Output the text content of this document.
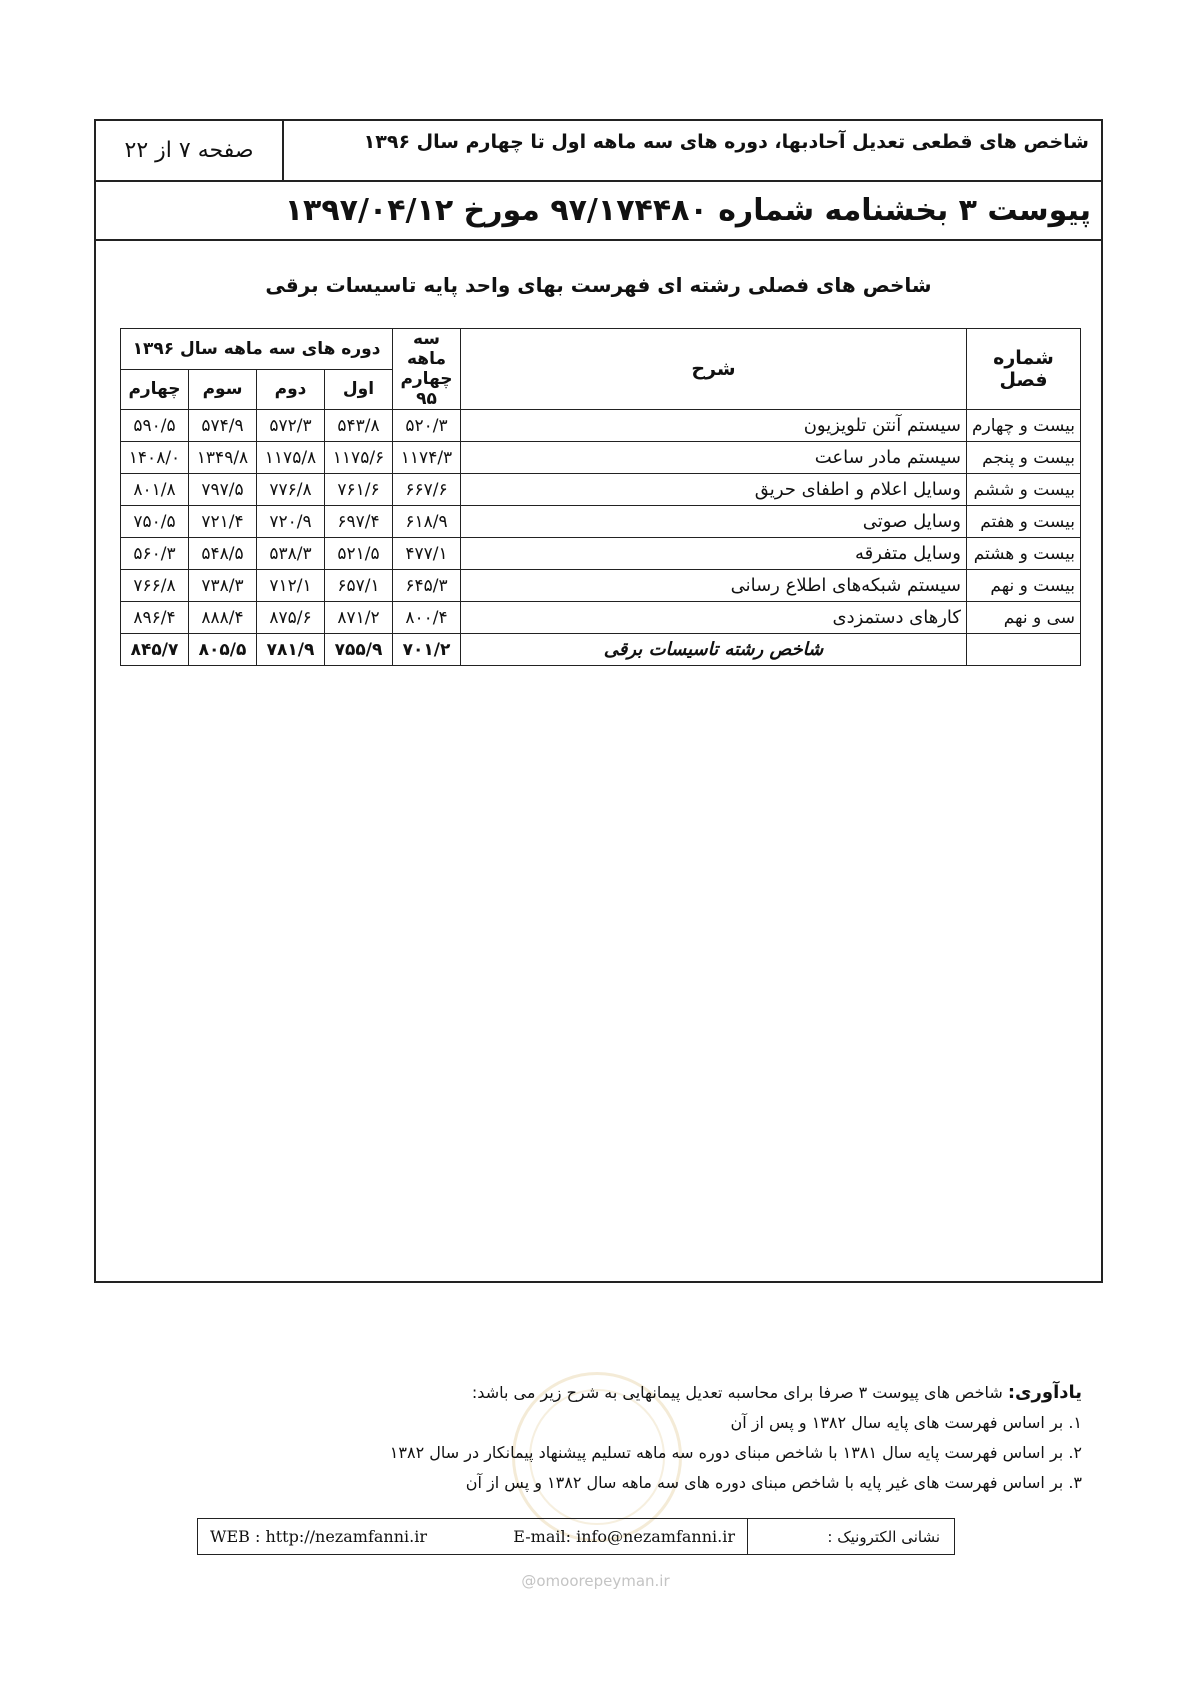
شاخص های قطعی تعدیل آحادبها، دوره های سه ماهه اول تا چهارم سال ۱۳۹۶
صفحه ۷ از ۲۲
پیوست ۳ بخشنامه شماره ۹۷/۱۷۴۴۸۰ مورخ ۱۳۹۷/۰۴/۱۲
شاخص های فصلی رشته ای فهرست بهای واحد پایه تاسیسات برقی
شماره فصل	شرح	سه ماهه چهارم ۹۵	دوره های سه ماهه سال ۱۳۹۶			
			اول	دوم	سوم	چهارم
بیست و چهارم	سیستم آنتن تلویزیون	۵۲۰/۳	۵۴۳/۸	۵۷۲/۳	۵۷۴/۹	۵۹۰/۵
بیست و پنجم	سیستم مادر ساعت	۱۱۷۴/۳	۱۱۷۵/۶	۱۱۷۵/۸	۱۳۴۹/۸	۱۴۰۸/۰
بیست و ششم	وسایل اعلام و اطفای حریق	۶۶۷/۶	۷۶۱/۶	۷۷۶/۸	۷۹۷/۵	۸۰۱/۸
بیست و هفتم	وسایل صوتی	۶۱۸/۹	۶۹۷/۴	۷۲۰/۹	۷۲۱/۴	۷۵۰/۵
بیست و هشتم	وسایل متفرقه	۴۷۷/۱	۵۲۱/۵	۵۳۸/۳	۵۴۸/۵	۵۶۰/۳
بیست و نهم	سیستم شبکه‌های اطلاع رسانی	۶۴۵/۳	۶۵۷/۱	۷۱۲/۱	۷۳۸/۳	۷۶۶/۸
سی و نهم	کارهای دستمزدی	۸۰۰/۴	۸۷۱/۲	۸۷۵/۶	۸۸۸/۴	۸۹۶/۴
	شاخص رشته تاسیسات برقی	۷۰۱/۲	۷۵۵/۹	۷۸۱/۹	۸۰۵/۵	۸۴۵/۷
یادآوری: شاخص های پیوست ۳ صرفا برای محاسبه تعدیل پیمانهایی به شرح زیر می باشد:
۱. بر اساس فهرست های پایه سال ۱۳۸۲ و پس از آن
۲. بر اساس فهرست پایه سال ۱۳۸۱ با شاخص مبنای دوره سه ماهه تسلیم پیشنهاد پیمانکار در سال ۱۳۸۲
۳. بر اساس فهرست های غیر پایه با شاخص مبنای دوره های سه ماهه سال ۱۳۸۲ و پس از آن
نشانی الکترونیک :
WEB : http://nezamfanni.ir	E-mail: info@nezamfanni.ir
@omoorepeyman.ir
